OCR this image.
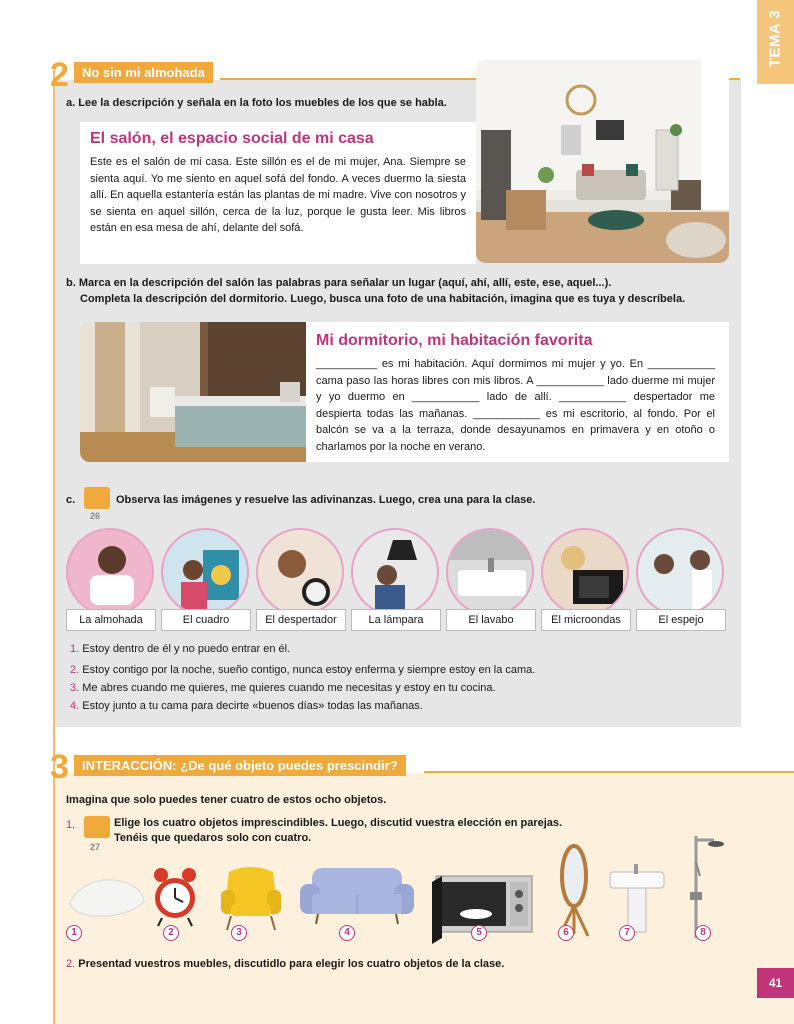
TEMA 3
2	No sin mi almohada
a. Lee la descripción y señala en la foto los muebles de los que se habla.
El salón, el espacio social de mi casa

Este es el salón de mi casa. Este sillón es el de mi mujer, Ana. Siempre se sienta aquí. Yo me siento en aquel sofá del fondo. A veces duermo la siesta allí. En aquella estantería están las plantas de mi madre. Vive con nosotros y se sienta en aquel sillón, cerca de la luz, porque le gusta leer. Mis libros están en esa mesa de ahí, delante del sofá.

b. Marca en la descripción del salón las palabras para señalar un lugar (aquí, ahí, allí, este, ese, aquel...).
Completa la descripción del dormitorio. Luego, busca una foto de una habitación, imagina que es tuya y descríbela.
Mi dormitorio, mi habitación favorita

__________ es mi habitación. Aquí dormimos mi mujer y yo. En ___________ cama paso las horas libres con mis libros. A ___________ lado duerme mi mujer y yo duermo en ___________ lado de allí. ___________ despertador me despierta todas las mañanas. ___________ es mi escritorio, al fondo. Por el balcón se va a la terraza, donde desayunamos en primavera y en otoño o charlamos por la noche en verano.

c.
26
Observa las imágenes y resuelve las adivinanzas. Luego, crea una para la clase.
La almohada	El cuadro	El despertador	La lámpara	El lavabo	El microondas	El espejo
1. Estoy dentro de él y no puedo entrar en él.
2. Estoy contigo por la noche, sueño contigo, nunca estoy enferma y siempre estoy en la cama.
3. Me abres cuando me quieres, me quieres cuando me necesitas y estoy en tu cocina.
4. Estoy junto a tu cama para decirte «buenos días» todas las mañanas.
3	INTERACCIÓN: ¿De qué objeto puedes prescindir?
Imagina que solo puedes tener cuatro de estos ocho objetos.
1.
27
Elige los cuatro objetos imprescindibles. Luego, discutid vuestra elección en parejas.
Tenéis que quedaros solo con cuatro.
1	2	3	4	5	6	7	8
2. Presentad vuestros muebles, discutidlo para elegir los cuatro objetos de la clase.
41
